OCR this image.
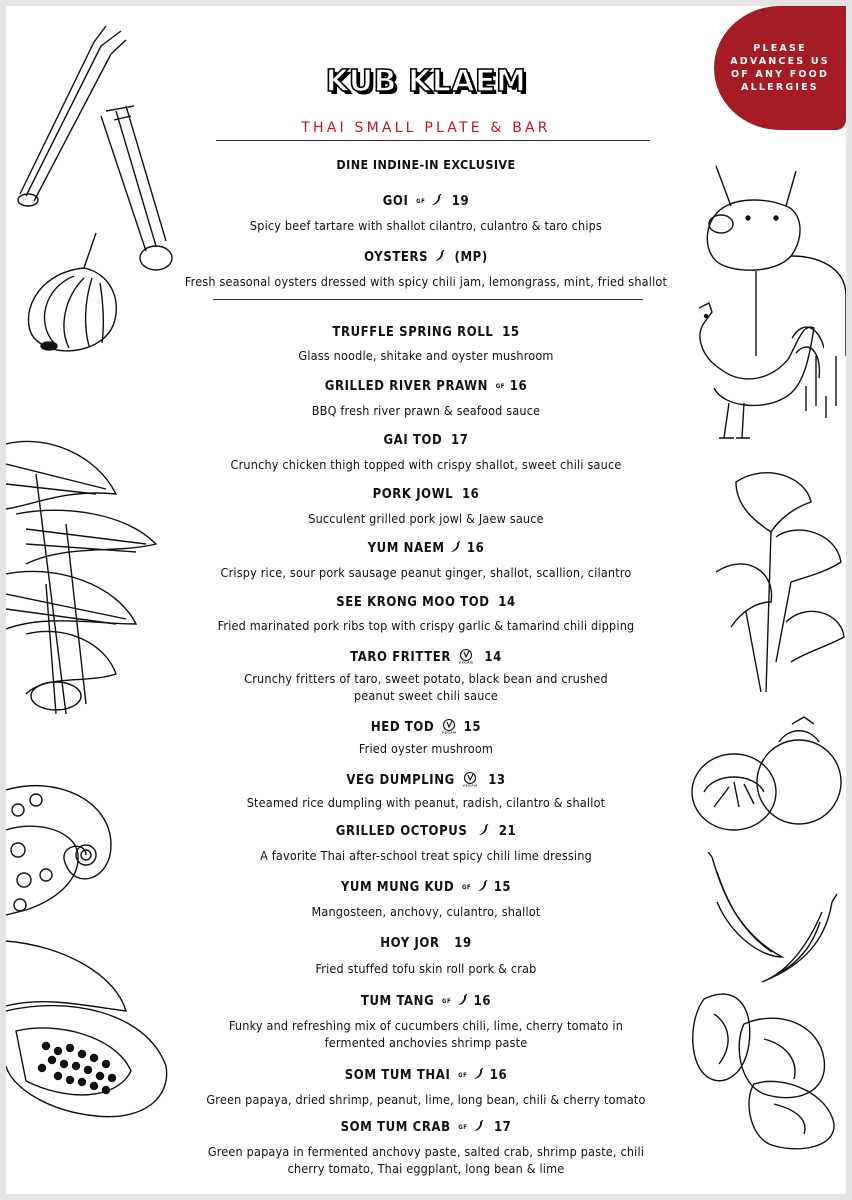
PLEASE ADVANCES US OF ANY FOOD ALLERGIES
KUB KLAEM
THAI SMALL PLATE & BAR
DINE INDINE-IN EXCLUSIVE
GOI GF 19
Spicy beef tartare with shallot cilantro, culantro & taro chips
OYSTERS (MP)
Fresh seasonal oysters dressed with spicy chili jam, lemongrass, mint, fried shallot
TRUFFLE SPRING ROLL 15
Glass noodle, shitake and oyster mushroom
GRILLED RIVER PRAWN GF 16
BBQ fresh river prawn & seafood sauce
GAI TOD 17
Crunchy chicken thigh topped with crispy shallot, sweet chili sauce
PORK JOWL 16
Succulent grilled pork jowl & Jaew sauce
YUM NAEM 16
Crispy rice, sour pork sausage peanut ginger, shallot, scallion, cilantro
SEE KRONG MOO TOD 14
Fried marinated pork ribs top with crispy garlic & tamarind chili dipping
TARO FRITTER VEGAN 14
Crunchy fritters of taro, sweet potato, black bean and crushed
peanut sweet chili sauce
HED TOD VEGAN 15
Fried oyster mushroom
VEG DUMPLING VEGAN 13
Steamed rice dumpling with peanut, radish, cilantro & shallot
GRILLED OCTOPUS 21
A favorite Thai after-school treat spicy chili lime dressing
YUM MUNG KUD GF 15
Mangosteen, anchovy, culantro, shallot
HOY JOR 19
Fried stuffed tofu skin roll pork & crab
TUM TANG GF 16
Funky and refreshing mix of cucumbers chili, lime, cherry tomato in
fermented anchovies shrimp paste
SOM TUM THAI GF 16
Green papaya, dried shrimp, peanut, lime, long bean, chili & cherry tomato
SOM TUM CRAB GF 17
Green papaya in fermented anchovy paste, salted crab, shrimp paste, chili
cherry tomato, Thai eggplant, long bean & lime
